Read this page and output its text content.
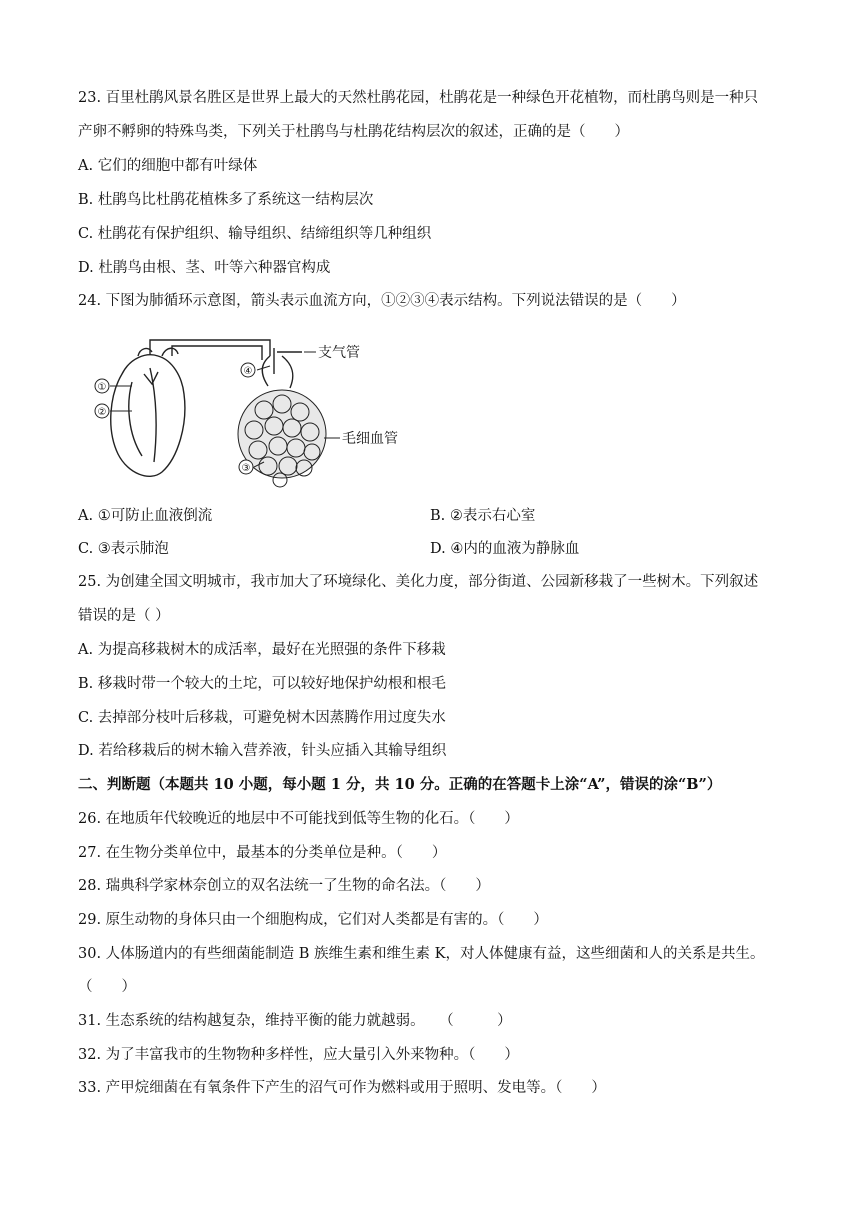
23. 百里杜鹃风景名胜区是世界上最大的天然杜鹃花园，杜鹃花是一种绿色开花植物，而杜鹃鸟则是一种只
产卵不孵卵的特殊鸟类，下列关于杜鹃鸟与杜鹃花结构层次的叙述，正确的是（　　）
A. 它们的细胞中都有叶绿体
B. 杜鹃鸟比杜鹃花植株多了系统这一结构层次
C. 杜鹃花有保护组织、输导组织、结缔组织等几种组织
D. 杜鹃鸟由根、茎、叶等六种器官构成
24. 下图为肺循环示意图，箭头表示血流方向，①②③④表示结构。下列说法错误的是（　　）
①
②
④
③
支气管
毛细血管
A. ①可防止血液倒流	B. ②表示右心室
C. ③表示肺泡	D. ④内的血液为静脉血
25. 为创建全国文明城市，我市加大了环境绿化、美化力度，部分街道、公园新移栽了一些树木。下列叙述
错误的是（ ）
A. 为提高移栽树木的成活率，最好在光照强的条件下移栽
B. 移栽时带一个较大的土坨，可以较好地保护幼根和根毛
C. 去掉部分枝叶后移栽，可避免树木因蒸腾作用过度失水
D. 若给移栽后的树木输入营养液，针头应插入其输导组织
二、判断题（本题共 10 小题，每小题 1 分，共 10 分。正确的在答题卡上涂“A”，错误的涂“B”）
26. 在地质年代较晚近的地层中不可能找到低等生物的化石。（　　）
27. 在生物分类单位中，最基本的分类单位是种。（　　）
28. 瑞典科学家林奈创立的双名法统一了生物的命名法。（　　）
29. 原生动物的身体只由一个细胞构成，它们对人类都是有害的。（　　）
30. 人体肠道内的有些细菌能制造 B 族维生素和维生素 K，对人体健康有益，这些细菌和人的关系是共生。
（　　）
31. 生态系统的结构越复杂，维持平衡的能力就越弱。　　（　　　）
32. 为了丰富我市的生物物种多样性，应大量引入外来物种。（　　）
33. 产甲烷细菌在有氧条件下产生的沼气可作为燃料或用于照明、发电等。（　　）
